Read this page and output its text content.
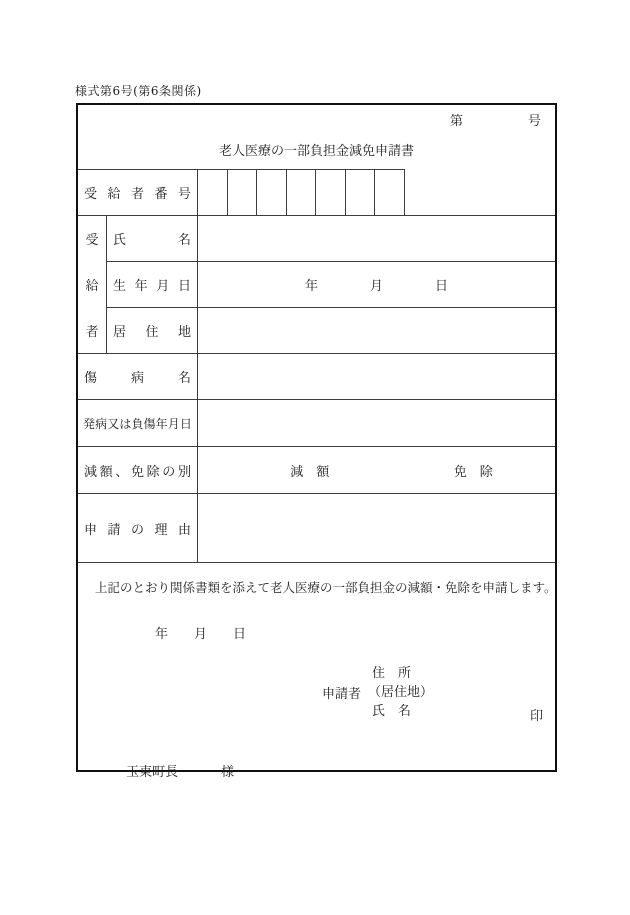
様式第6号(第6条関係)
第　　　　　号
老人医療の一部負担金減免申請書
受 給 者 番 号
受
給
者
氏	名
生 年 月 日	年　　　　月　　　　日
居 住 地
傷	病	名
発 病 又 は 負 傷 年 月 日
減 額 、 免 除 の 別	減　額	免　除
申 請 の 理 由
上記のとおり関係書類を添えて老人医療の一部負担金の減額・免除を申請します。
年　　月　　日
申請者
住　所
（居住地）
氏　名	印

玉東町長	様
